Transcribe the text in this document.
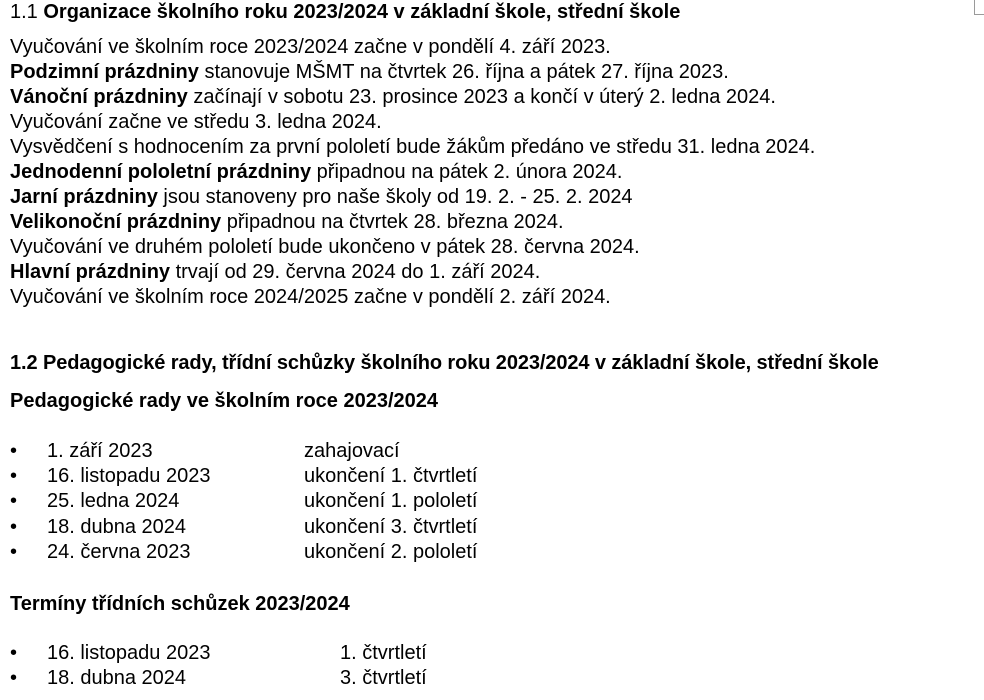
1.1 Organizace školního roku 2023/2024 v základní škole, střední škole
Vyučování ve školním roce 2023/2024 začne v pondělí 4. září 2023.
Podzimní prázdniny stanovuje MŠMT na čtvrtek 26. října a pátek 27. října 2023.
Vánoční prázdniny začínají v sobotu 23. prosince 2023 a končí v úterý 2. ledna 2024.
Vyučování začne ve středu 3. ledna 2024.
Vysvědčení s hodnocením za první pololetí bude žákům předáno ve středu 31. ledna 2024.
Jednodenní pololetní prázdniny připadnou na pátek 2. února 2024.
Jarní prázdniny jsou stanoveny pro naše školy od 19. 2. - 25. 2. 2024
Velikonoční prázdniny připadnou na čtvrtek 28. března 2024.
Vyučování ve druhém pololetí bude ukončeno v pátek 28. června 2024.
Hlavní prázdniny trvají od 29. června 2024 do 1. září 2024.
Vyučování ve školním roce 2024/2025 začne v pondělí 2. září 2024.
1.2 Pedagogické rady, třídní schůzky školního roku 2023/2024 v základní škole, střední škole
Pedagogické rady ve školním roce 2023/2024
•	1. září 2023	zahajovací
•	16. listopadu 2023	ukončení 1. čtvrtletí
•	25. ledna 2024	ukončení 1. pololetí
•	18. dubna 2024	ukončení 3. čtvrtletí
•	24. června 2023	ukončení 2. pololetí
Termíny třídních schůzek 2023/2024
•	16. listopadu 2023	1. čtvrtletí
•	18. dubna 2024	3. čtvrtletí
